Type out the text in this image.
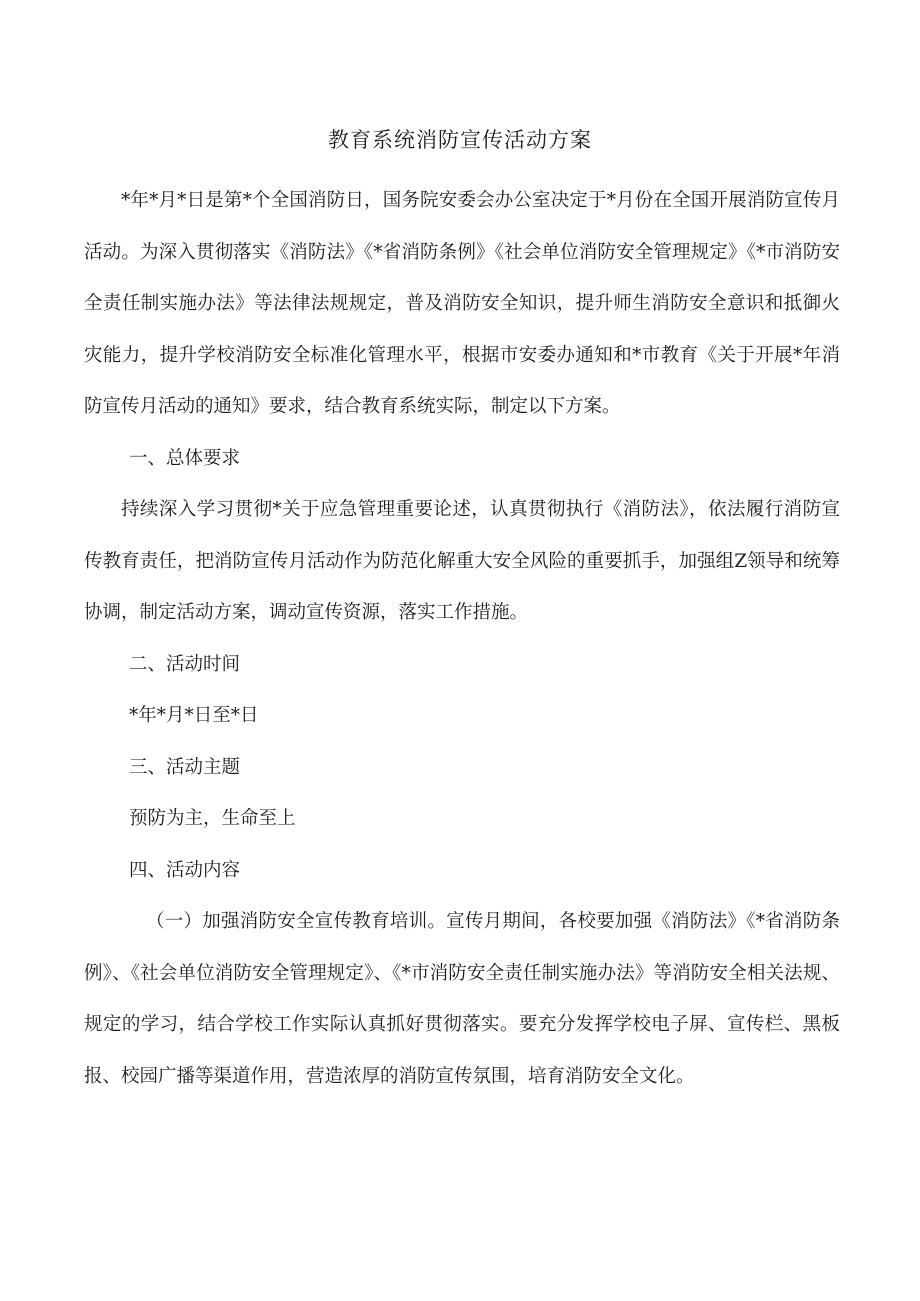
教育系统消防宣传活动方案

*年*月*日是第*个全国消防日，国务院安委会办公室决定于*月份在全国开展消防宣传月活动。为深入贯彻落实《消防法》《*省消防条例》《社会单位消防安全管理规定》《*市消防安全责任制实施办法》等法律法规规定，普及消防安全知识，提升师生消防安全意识和抵御火灾能力，提升学校消防安全标准化管理水平，根据市安委办通知和*市教育《关于开展*年消防宣传月活动的通知》要求，结合教育系统实际，制定以下方案。

一、总体要求

持续深入学习贯彻*关于应急管理重要论述，认真贯彻执行《消防法》，依法履行消防宣传教育责任，把消防宣传月活动作为防范化解重大安全风险的重要抓手，加强组Z领导和统筹协调，制定活动方案，调动宣传资源，落实工作措施。

二、活动时间

*年*月*日至*日

三、活动主题

预防为主，生命至上

四、活动内容

（一）加强消防安全宣传教育培训。宣传月期间，各校要加强《消防法》《*省消防条例》、《社会单位消防安全管理规定》、《*市消防安全责任制实施办法》等消防安全相关法规、规定的学习，结合学校工作实际认真抓好贯彻落实。要充分发挥学校电子屏、宣传栏、黑板报、校园广播等渠道作用，营造浓厚的消防宣传氛围，培育消防安全文化。
